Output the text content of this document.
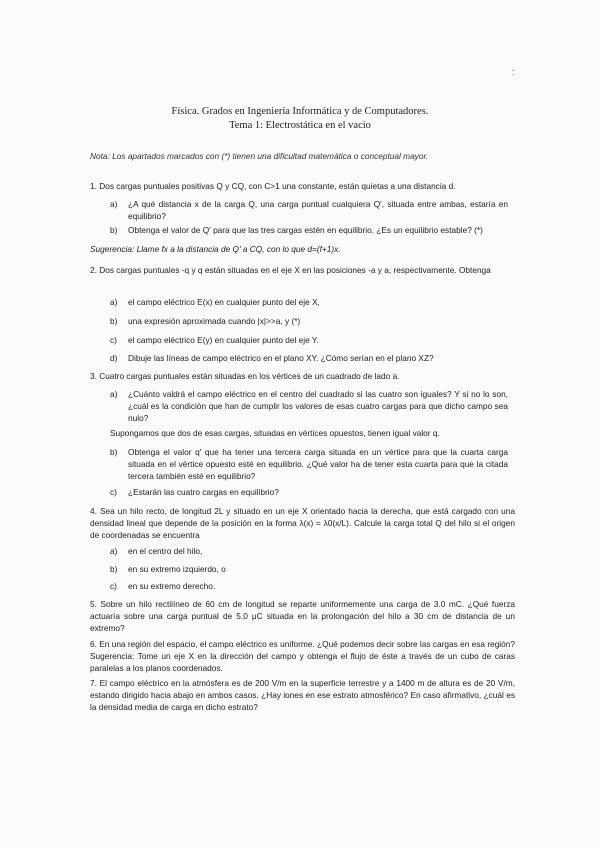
:
Física. Grados en Ingeniería Informática y de Computadores.
Tema 1: Electrostática en el vacío
Nota: Los apartados marcados con (*) tienen una dificultad matemática o conceptual mayor.
1. Dos cargas puntuales positivas Q y CQ, con C>1 una constante, están quietas a una distancia d.
a) ¿A qué distancia x de la carga Q, una carga puntual cualquiera Q', situada entre ambas, estaría en equilibrio?
b) Obtenga el valor de Q' para que las tres cargas estén en equilibrio. ¿Es un equilibrio estable? (*)
Sugerencia: Llame fx a la distancia de Q' a CQ, con lo que d=(f+1)x.
2. Dos cargas puntuales -q y q están situadas en el eje X en las posiciones -a y a, respectivamente. Obtenga
a) el campo eléctrico E(x) en cualquier punto del eje X,
b) una expresión aproximada cuando |x|>>a, y (*)
c) el campo eléctrico E(y) en cualquier punto del eje Y.
d) Dibuje las líneas de campo eléctrico en el plano XY. ¿Cómo serían en el plano XZ?
3. Cuatro cargas puntuales están situadas en los vértices de un cuadrado de lado a.
a) ¿Cuánto valdrá el campo eléctrico en el centro del cuadrado si las cuatro son iguales? Y si no lo son, ¿cuál es la condición que han de cumplir los valores de esas cuatro cargas para que dicho campo sea nulo?
Supongamos que dos de esas cargas, situadas en vértices opuestos, tienen igual valor q.
b) Obtenga el valor q' que ha tener una tercera carga situada en un vértice para que la cuarta carga situada en el vértice opuesto esté en equilibrio. ¿Qué valor ha de tener esta cuarta para que la citada tercera también esté en equilibrio?
c) ¿Estarán las cuatro cargas en equilibrio?
4. Sea un hilo recto, de longitud 2L y situado en un eje X orientado hacia la derecha, que está cargado con una densidad lineal que depende de la posición en la forma λ(x) = λ0(x/L). Calcule la carga total Q del hilo si el origen de coordenadas se encuentra
a) en el centro del hilo,
b) en su extremo izquierdo, o
c) en su extremo derecho.
5. Sobre un hilo rectilíneo de 60 cm de longitud se reparte uniformemente una carga de 3.0 mC. ¿Qué fuerza actuaría sobre una carga puntual de 5.0 μC situada en la prolongación del hilo a 30 cm de distancia de un extremo?
6. En una región del espacio, el campo eléctrico es uniforme. ¿Qué podemos decir sobre las cargas en esa región? Sugerencia: Tome un eje X en la dirección del campo y obtenga el flujo de éste a través de un cubo de caras paralelas a los planos coordenados.
7. El campo eléctrico en la atmósfera es de 200 V/m en la superficie terrestre y a 1400 m de altura es de 20 V/m, estando dirigido hacia abajo en ambos casos. ¿Hay iones en ese estrato atmosférico? En caso afirmativo, ¿cuál es la densidad media de carga en dicho estrato?
